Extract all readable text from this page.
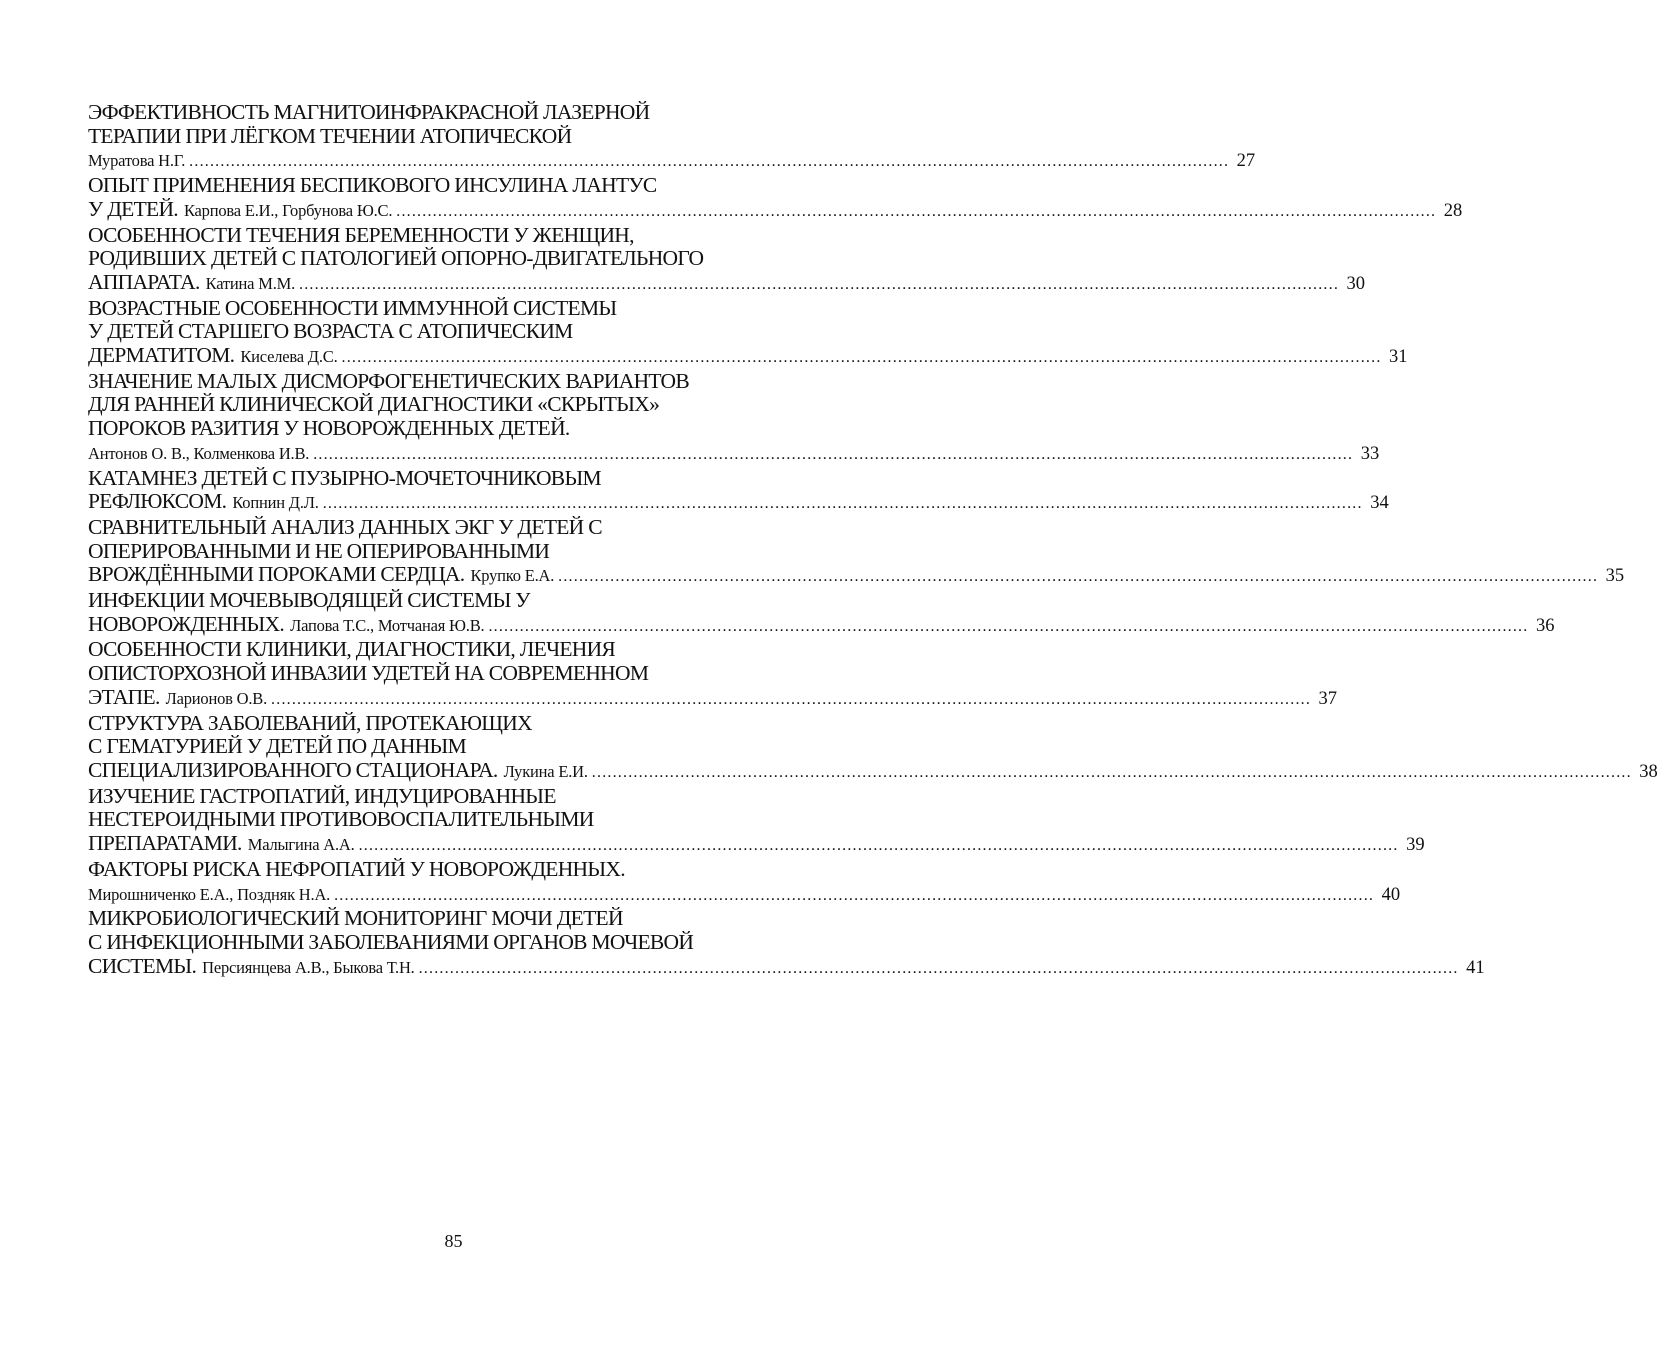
ЭФФЕКТИВНОСТЬ МАГНИТОИНФРАКРАСНОЙ ЛАЗЕРНОЙ
ТЕРАПИИ ПРИ ЛЁГКОМ ТЕЧЕНИИ АТОПИЧЕСКОЙ
Муратова Н.Г. ........................................................................................................................................................................................................ 27
ОПЫТ ПРИМЕНЕНИЯ БЕСПИКОВОГО ИНСУЛИНА ЛАНТУС
У ДЕТЕЙ. Карпова Е.И., Горбунова Ю.С. ........................................................................................................................................................................................................ 28
ОСОБЕННОСТИ ТЕЧЕНИЯ БЕРЕМЕННОСТИ У ЖЕНЩИН,
РОДИВШИХ ДЕТЕЙ С ПАТОЛОГИЕЙ ОПОРНО-ДВИГАТЕЛЬНОГО
АППАРАТА. Катина М.М. ........................................................................................................................................................................................................ 30
ВОЗРАСТНЫЕ ОСОБЕННОСТИ ИММУННОЙ СИСТЕМЫ
У ДЕТЕЙ СТАРШЕГО ВОЗРАСТА С АТОПИЧЕСКИМ
ДЕРМАТИТОМ. Киселева Д.С. ........................................................................................................................................................................................................ 31
ЗНАЧЕНИЕ МАЛЫХ ДИСМОРФОГЕНЕТИЧЕСКИХ ВАРИАНТОВ
ДЛЯ РАННЕЙ КЛИНИЧЕСКОЙ ДИАГНОСТИКИ «СКРЫТЫХ»
ПОРОКОВ РАЗИТИЯ У НОВОРОЖДЕННЫХ ДЕТЕЙ.
Антонов О. В., Колменкова И.В. ........................................................................................................................................................................................................ 33
КАТАМНЕЗ ДЕТЕЙ С ПУЗЫРНО-МОЧЕТОЧНИКОВЫМ
РЕФЛЮКСОМ. Копнин Д.Л. ........................................................................................................................................................................................................ 34
СРАВНИТЕЛЬНЫЙ АНАЛИЗ ДАННЫХ ЭКГ У ДЕТЕЙ С
ОПЕРИРОВАННЫМИ И НЕ ОПЕРИРОВАННЫМИ
ВРОЖДЁННЫМИ ПОРОКАМИ СЕРДЦА. Крупко Е.А. ........................................................................................................................................................................................................ 35
ИНФЕКЦИИ МОЧЕВЫВОДЯЩЕЙ СИСТЕМЫ У
НОВОРОЖДЕННЫХ. Лапова Т.С., Мотчаная Ю.В. ........................................................................................................................................................................................................ 36
ОСОБЕННОСТИ КЛИНИКИ, ДИАГНОСТИКИ, ЛЕЧЕНИЯ
ОПИСТОРХОЗНОЙ ИНВАЗИИ УДЕТЕЙ НА СОВРЕМЕННОМ
ЭТАПЕ. Ларионов О.В. ........................................................................................................................................................................................................ 37
СТРУКТУРА ЗАБОЛЕВАНИЙ, ПРОТЕКАЮЩИХ
С ГЕМАТУРИЕЙ У ДЕТЕЙ ПО ДАННЫМ
СПЕЦИАЛИЗИРОВАННОГО СТАЦИОНАРА. Лукина Е.И. ........................................................................................................................................................................................................ 38
ИЗУЧЕНИЕ ГАСТРОПАТИЙ, ИНДУЦИРОВАННЫЕ
НЕСТЕРОИДНЫМИ ПРОТИВОВОСПАЛИТЕЛЬНЫМИ
ПРЕПАРАТАМИ. Малыгина А.А. ........................................................................................................................................................................................................ 39
ФАКТОРЫ РИСКА НЕФРОПАТИЙ У НОВОРОЖДЕННЫХ.
Мирошниченко Е.А., Поздняк Н.А. ........................................................................................................................................................................................................ 40
МИКРОБИОЛОГИЧЕСКИЙ МОНИТОРИНГ МОЧИ ДЕТЕЙ
С ИНФЕКЦИОННЫМИ ЗАБОЛЕВАНИЯМИ ОРГАНОВ МОЧЕВОЙ
СИСТЕМЫ. Персиянцева А.В., Быкова Т.Н. ........................................................................................................................................................................................................ 41
85
